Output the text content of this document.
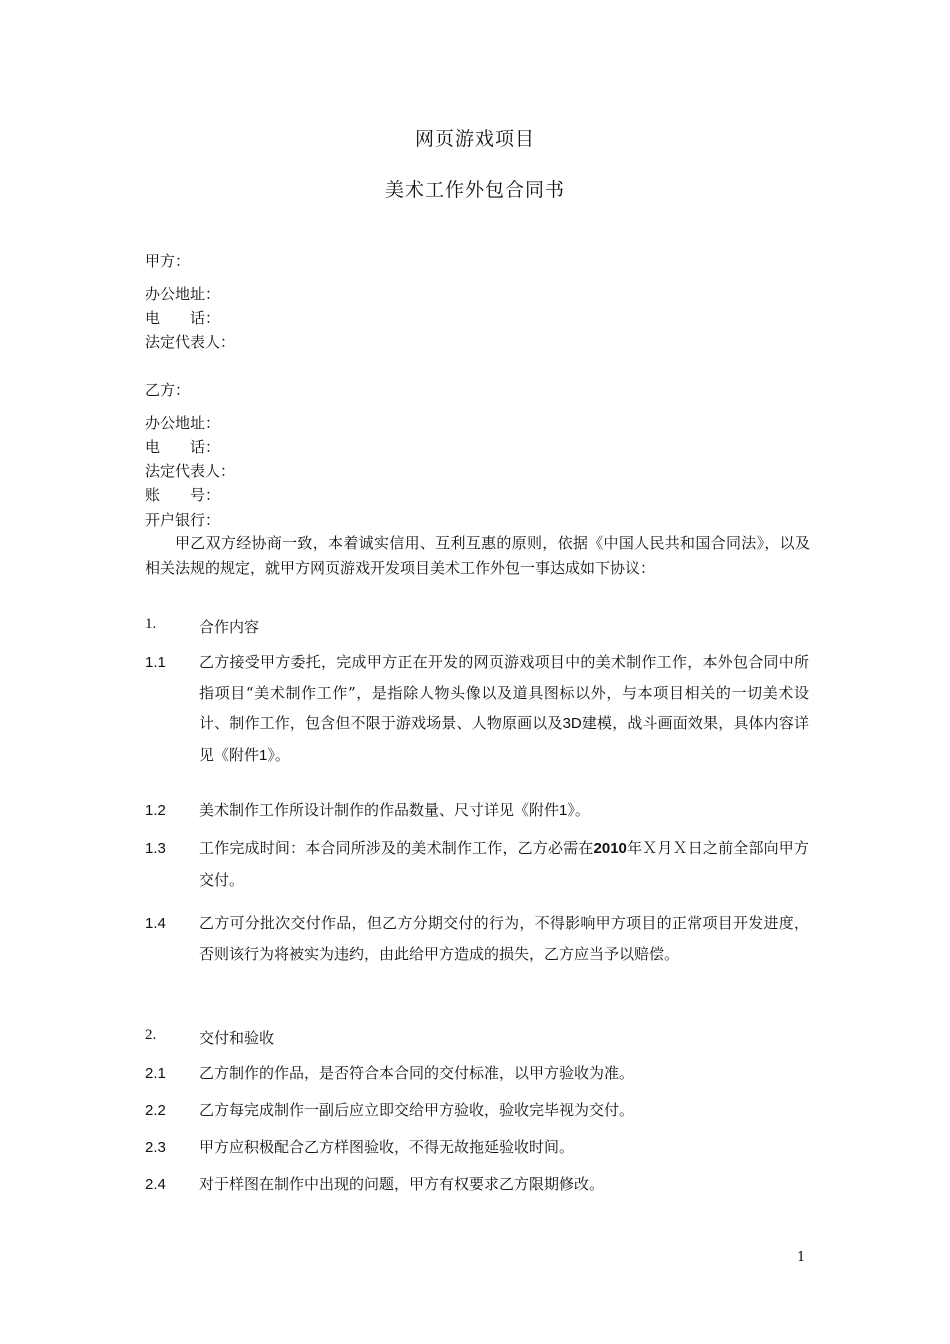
网页游戏项目
美术工作外包合同书
甲方：
办公地址：
电　　话：
法定代表人：
乙方：
办公地址：
电　　话：
法定代表人：
账　　号：
开户银行：
甲乙双方经协商一致，本着诚实信用、互利互惠的原则，依据《中国人民共和国合同法》，以及相关法规的规定，就甲方网页游戏开发项目美术工作外包一事达成如下协议：
1.	合作内容
1.1 乙方接受甲方委托，完成甲方正在开发的网页游戏项目中的美术制作工作，本外包合同中所指项目“美术制作工作”，是指除人物头像以及道具图标以外，与本项目相关的一切美术设计、制作工作，包含但不限于游戏场景、人物原画以及3D建模，战斗画面效果，具体内容详见《附件1》。
1.2 美术制作工作所设计制作的作品数量、尺寸详见《附件1》。
1.3 工作完成时间：本合同所涉及的美术制作工作，乙方必需在2010年Ｘ月Ｘ日之前全部向甲方交付。
1.4 乙方可分批次交付作品，但乙方分期交付的行为，不得影响甲方项目的正常项目开发进度，否则该行为将被实为违约，由此给甲方造成的损失，乙方应当予以赔偿。
2.	交付和验收
2.1 乙方制作的作品，是否符合本合同的交付标准，以甲方验收为准。
2.2 乙方每完成制作一副后应立即交给甲方验收，验收完毕视为交付。
2.3 甲方应积极配合乙方样图验收，不得无故拖延验收时间。
2.4 对于样图在制作中出现的问题，甲方有权要求乙方限期修改。
1
